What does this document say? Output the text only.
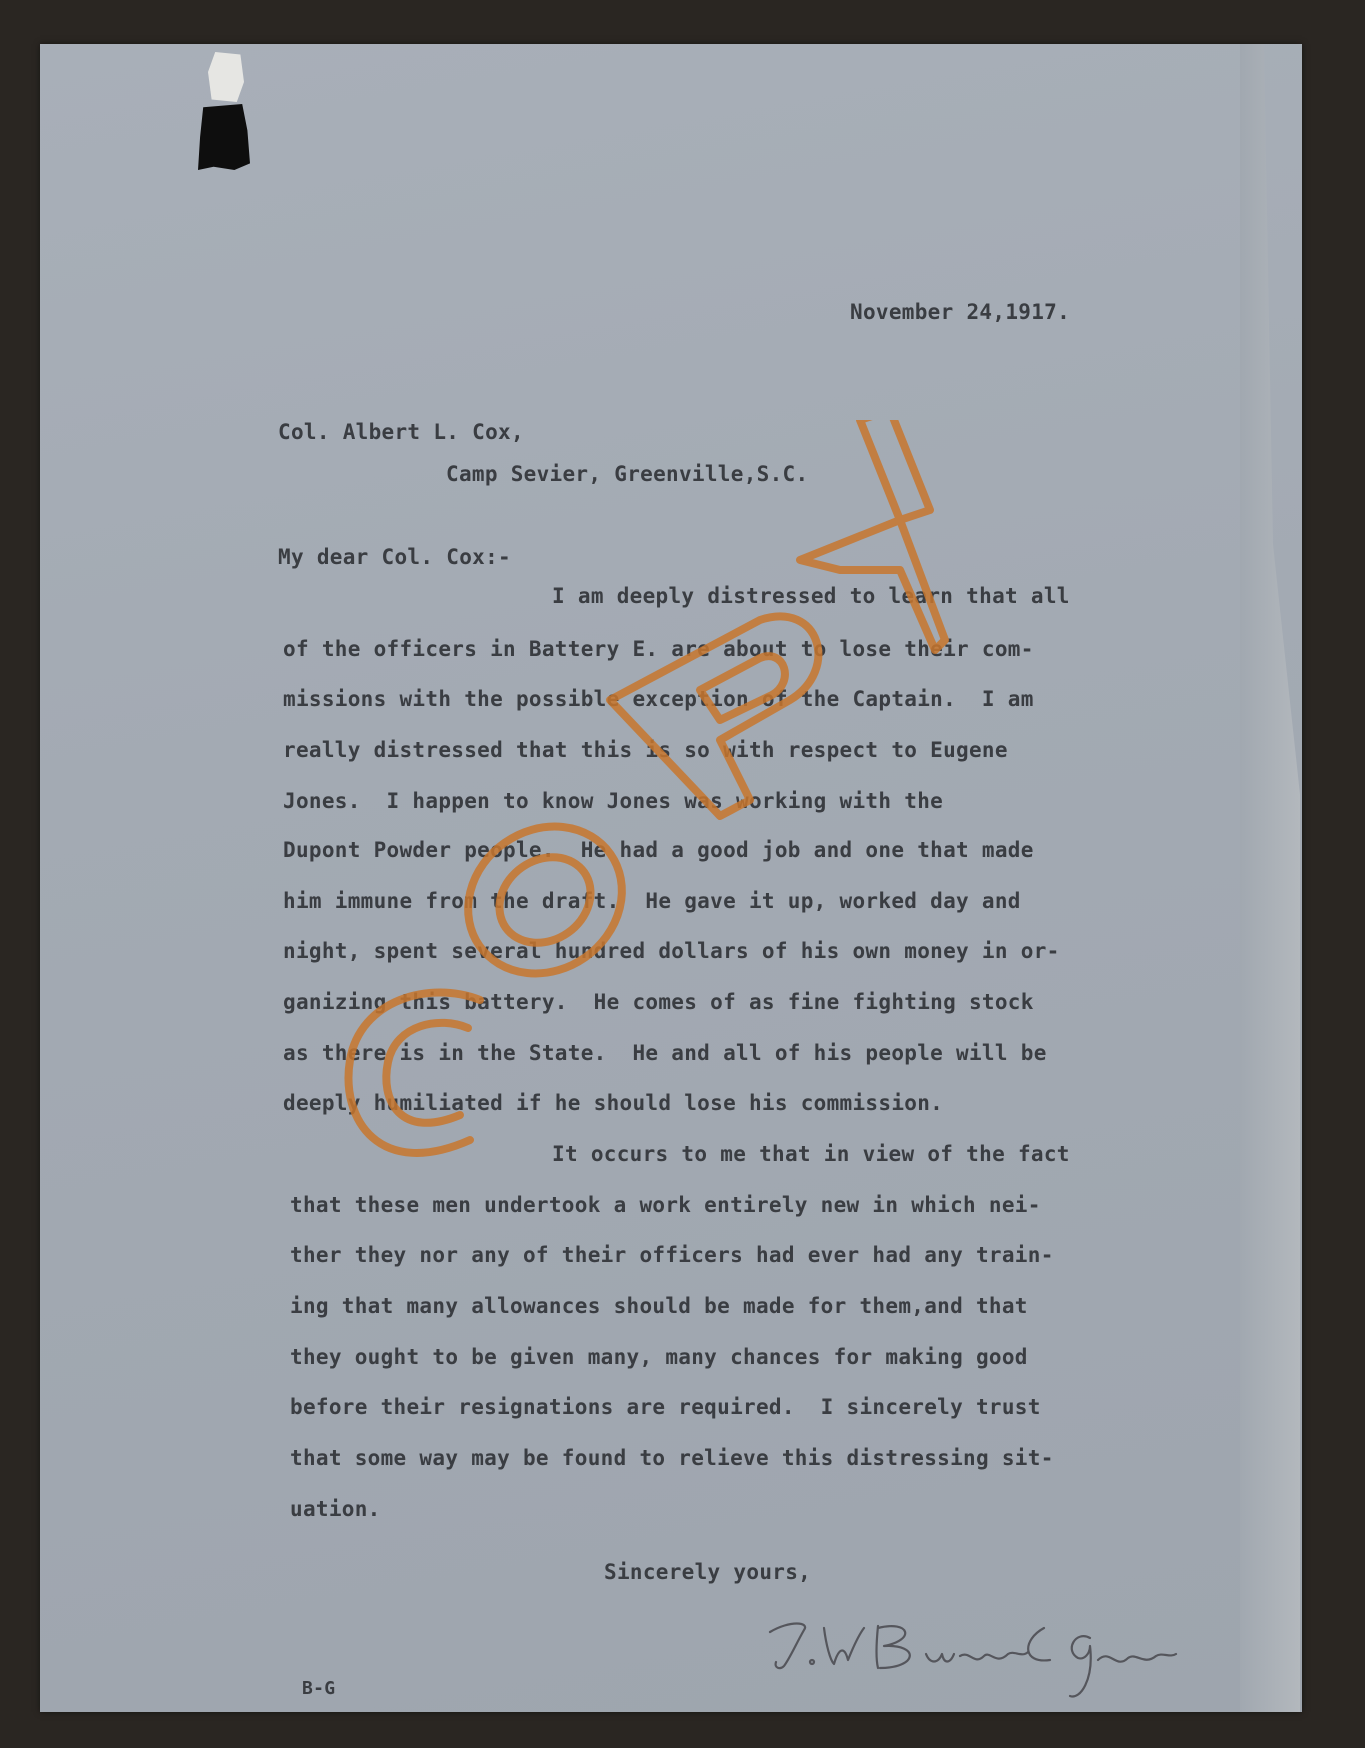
November 24,1917.

Col. Albert L. Cox,

Camp Sevier, Greenville,S.C.

My dear Col. Cox:-

I am deeply distressed to learn that all

of the officers in Battery E. are about to lose their com-

missions with the possible exception of the Captain.  I am

really distressed that this is so with respect to Eugene

Jones.  I happen to know Jones was working with the

Dupont Powder people.  He had a good job and one that made

him immune from the draft.  He gave it up, worked day and

night, spent several hundred dollars of his own money in or-

ganizing this battery.  He comes of as fine fighting stock

as there is in the State.  He and all of his people will be

deeply humiliated if he should lose his commission.

It occurs to me that in view of the fact

that these men undertook a work entirely new in which nei-

ther they nor any of their officers had ever had any train-

ing that many allowances should be made for them,and that

they ought to be given many, many chances for making good

before their resignations are required.  I sincerely trust

that some way may be found to relieve this distressing sit-

uation.

Sincerely yours,

B-G
